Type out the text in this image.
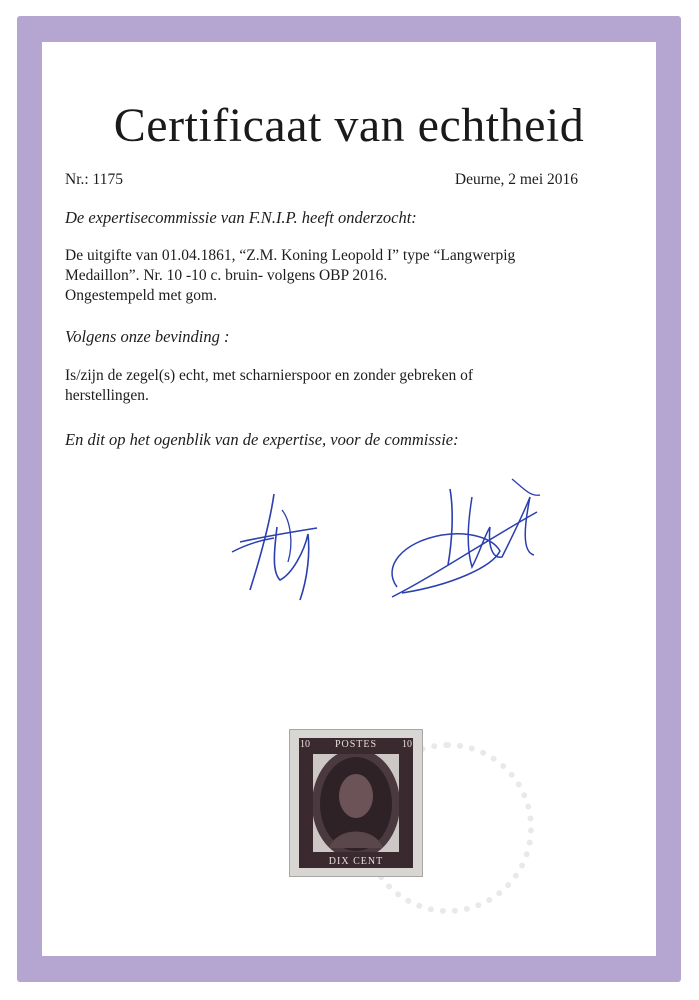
Certificaat van echtheid
Nr.: 1175	Deurne, 2 mei 2016
De expertisecommissie van F.N.I.P. heeft onderzocht:
De uitgifte van 01.04.1861, “Z.M. Koning Leopold I” type “Langwerpig
Medaillon”. Nr. 10 -10 c. bruin- volgens OBP 2016.
Ongestempeld met gom.
Volgens onze bevinding :
Is/zijn de zegel(s) echt, met scharnierspoor en zonder gebreken of
herstellingen.
En dit op het ogenblik van de expertise, voor de commissie:
POSTES
DIX CENT
10	10
